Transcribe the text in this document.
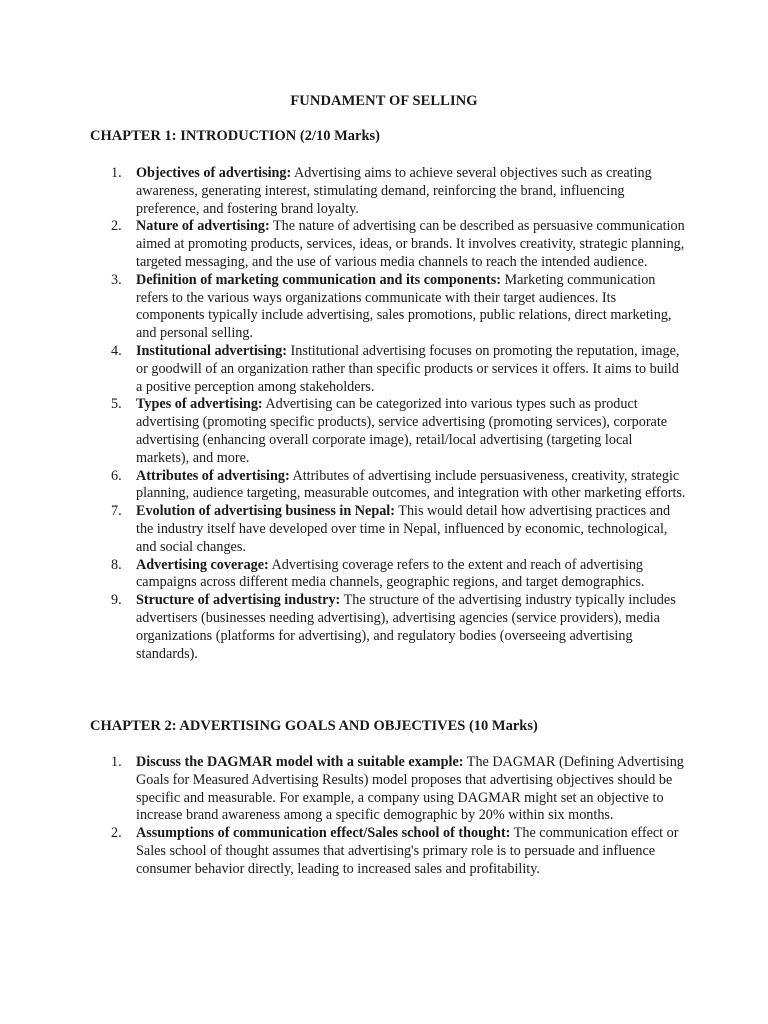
FUNDAMENT OF SELLING
CHAPTER 1: INTRODUCTION (2/10 Marks)
1.	Objectives of advertising: Advertising aims to achieve several objectives such as creating awareness, generating interest, stimulating demand, reinforcing the brand, influencing preference, and fostering brand loyalty.
2.	Nature of advertising: The nature of advertising can be described as persuasive communication aimed at promoting products, services, ideas, or brands. It involves creativity, strategic planning, targeted messaging, and the use of various media channels to reach the intended audience.
3.	Definition of marketing communication and its components: Marketing communication refers to the various ways organizations communicate with their target audiences. Its components typically include advertising, sales promotions, public relations, direct marketing, and personal selling.
4.	Institutional advertising: Institutional advertising focuses on promoting the reputation, image, or goodwill of an organization rather than specific products or services it offers. It aims to build a positive perception among stakeholders.
5.	Types of advertising: Advertising can be categorized into various types such as product advertising (promoting specific products), service advertising (promoting services), corporate advertising (enhancing overall corporate image), retail/local advertising (targeting local markets), and more.
6.	Attributes of advertising: Attributes of advertising include persuasiveness, creativity, strategic planning, audience targeting, measurable outcomes, and integration with other marketing efforts.
7.	Evolution of advertising business in Nepal: This would detail how advertising practices and the industry itself have developed over time in Nepal, influenced by economic, technological, and social changes.
8.	Advertising coverage: Advertising coverage refers to the extent and reach of advertising campaigns across different media channels, geographic regions, and target demographics.
9.	Structure of advertising industry: The structure of the advertising industry typically includes advertisers (businesses needing advertising), advertising agencies (service providers), media organizations (platforms for advertising), and regulatory bodies (overseeing advertising standards).
CHAPTER 2: ADVERTISING GOALS AND OBJECTIVES (10 Marks)
1.	Discuss the DAGMAR model with a suitable example: The DAGMAR (Defining Advertising Goals for Measured Advertising Results) model proposes that advertising objectives should be specific and measurable. For example, a company using DAGMAR might set an objective to increase brand awareness among a specific demographic by 20% within six months.
2.	Assumptions of communication effect/Sales school of thought: The communication effect or Sales school of thought assumes that advertising's primary role is to persuade and influence consumer behavior directly, leading to increased sales and profitability.
